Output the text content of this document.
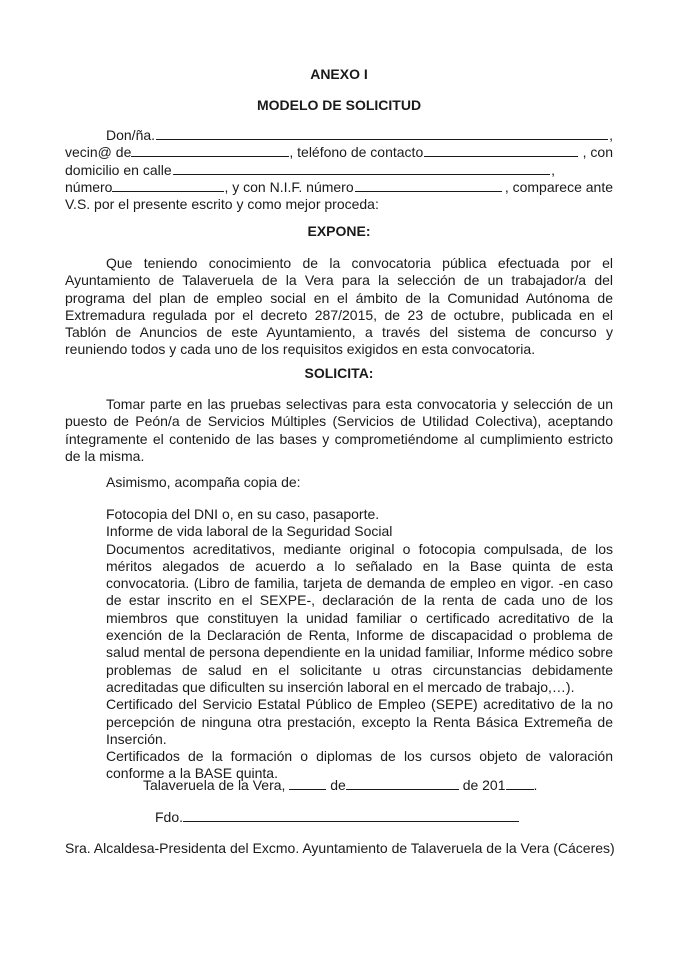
ANEXO I
MODELO DE SOLICITUD
Don/ña.	,
vecin@ de	, teléfono de contacto	, con
domicilio en calle	,
número	, y con N.I.F. número	, comparece ante
V.S. por el presente escrito y como mejor proceda:
EXPONE:
Que teniendo conocimiento de la convocatoria pública efectuada por el Ayuntamiento de Talaveruela de la Vera para la selección de un trabajador/a del programa del plan de empleo social en el ámbito de la Comunidad Autónoma de Extremadura regulada por el decreto 287/2015, de 23 de octubre, publicada en el Tablón de Anuncios de este Ayuntamiento, a través del sistema de concurso y reuniendo todos y cada uno de los requisitos exigidos en esta convocatoria.
SOLICITA:
Tomar parte en las pruebas selectivas para esta convocatoria y selección de un puesto de Peón/a de Servicios Múltiples (Servicios de Utilidad Colectiva), aceptando íntegramente el contenido de las bases y comprometiéndome al cumplimiento estricto de la misma.
Asimismo, acompaña copia de:

Fotocopia del DNI o, en su caso, pasaporte.

Informe de vida laboral de la Seguridad Social

Documentos acreditativos, mediante original o fotocopia compulsada, de los méritos alegados de acuerdo a lo señalado en la Base quinta de esta convocatoria. (Libro de familia, tarjeta de demanda de empleo en vigor. -en caso de estar inscrito en el SEXPE-, declaración de la renta de cada uno de los miembros que constituyen la unidad familiar o certificado acreditativo de la exención de la Declaración de Renta, Informe de discapacidad o problema de salud mental de persona dependiente en la unidad familiar, Informe médico sobre problemas de salud en el solicitante u otras circunstancias debidamente acreditadas que dificulten su inserción laboral en el mercado de trabajo,…).

Certificado del Servicio Estatal Público de Empleo (SEPE) acreditativo de la no percepción de ninguna otra prestación, excepto la Renta Básica Extremeña de Inserción.

Certificados de la formación o diplomas de los cursos objeto de valoración conforme a la BASE quinta.

Talaveruela de la Vera,	de	de 201 .
Fdo.
Sra. Alcaldesa-Presidenta del Excmo. Ayuntamiento de Talaveruela de la Vera (Cáceres)
